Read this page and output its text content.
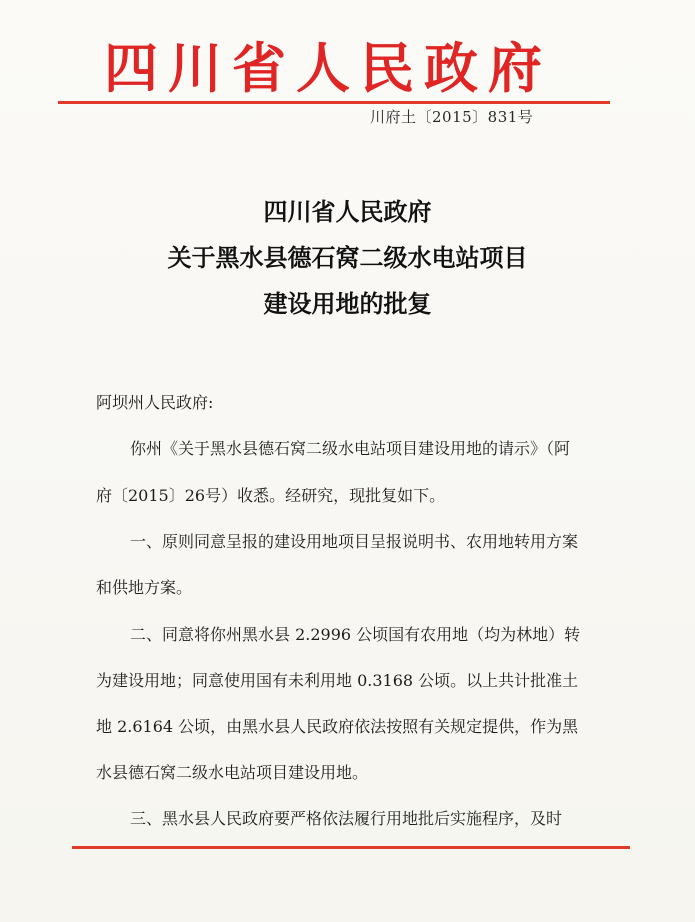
四川省人民政府
川府土〔2015〕831号
四川省人民政府
关于黑水县德石窝二级水电站项目
建设用地的批复
阿坝州人民政府:
你州《关于黑水县德石窝二级水电站项目建设用地的请示》（阿
府〔2015〕26号）收悉。经研究，现批复如下。
一、原则同意呈报的建设用地项目呈报说明书、农用地转用方案
和供地方案。
二、同意将你州黑水县 2.2996 公顷国有农用地（均为林地）转
为建设用地；同意使用国有未利用地 0.3168 公顷。以上共计批准土
地 2.6164 公顷，由黑水县人民政府依法按照有关规定提供，作为黑
水县德石窝二级水电站项目建设用地。
三、黑水县人民政府要严格依法履行用地批后实施程序，及时
